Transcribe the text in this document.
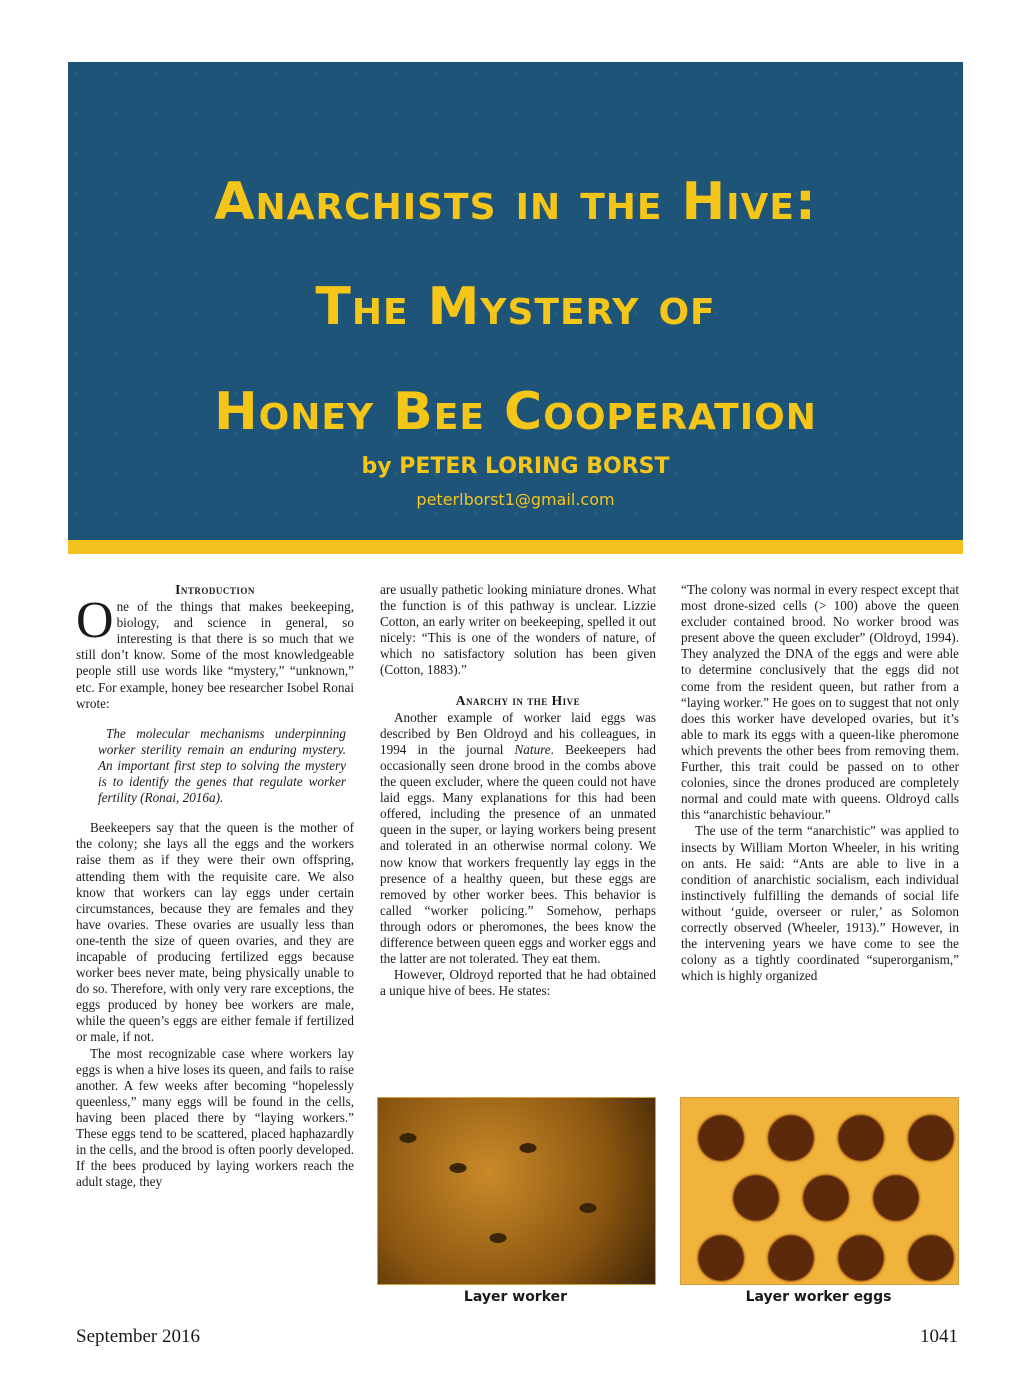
Anarchists in the Hive:
The Mystery of
Honey Bee Cooperation
by PETER LORING BORST
peterlborst1@gmail.com
Introduction

One of the things that makes beekeeping, biology, and science in general, so interesting is that there is so much that we still don’t know. Some of the most knowledgeable people still use words like “mystery,” “unknown,” etc. For example, honey bee researcher Isobel Ronai wrote:

The molecular mechanisms underpinning worker sterility remain an enduring mystery. An important first step to solving the mystery is to identify the genes that regulate worker fertility (Ronai, 2016a).

Beekeepers say that the queen is the mother of the colony; she lays all the eggs and the workers raise them as if they were their own offspring, attending them with the requisite care. We also know that workers can lay eggs under certain circumstances, because they are females and they have ovaries. These ovaries are usually less than one-tenth the size of queen ovaries, and they are incapable of producing fertilized eggs because worker bees never mate, being physically unable to do so. Therefore, with only very rare exceptions, the eggs produced by honey bee workers are male, while the queen’s eggs are either female if fertilized or male, if not.

The most recognizable case where workers lay eggs is when a hive loses its queen, and fails to raise another. A few weeks after becoming “hopelessly queenless,” many eggs will be found in the cells, having been placed there by “laying workers.” These eggs tend to be scattered, placed haphazardly in the cells, and the brood is often poorly developed. If the bees produced by laying workers reach the adult stage, they

are usually pathetic looking miniature drones. What the function is of this pathway is unclear. Lizzie Cotton, an early writer on beekeeping, spelled it out nicely: “This is one of the wonders of nature, of which no satisfactory solution has been given (Cotton, 1883).”

Anarchy in the Hive

Another example of worker laid eggs was described by Ben Oldroyd and his colleagues, in 1994 in the journal Nature. Beekeepers had occasionally seen drone brood in the combs above the queen excluder, where the queen could not have laid eggs. Many explanations for this had been offered, including the presence of an unmated queen in the super, or laying workers being present and tolerated in an otherwise normal colony. We now know that workers frequently lay eggs in the presence of a healthy queen, but these eggs are removed by other worker bees. This behavior is called “worker policing.” Somehow, perhaps through odors or pheromones, the bees know the difference between queen eggs and worker eggs and the latter are not tolerated. They eat them.

However, Oldroyd reported that he had obtained a unique hive of bees. He states:

“The colony was normal in every respect except that most drone-sized cells (> 100) above the queen excluder contained brood. No worker brood was present above the queen excluder” (Oldroyd, 1994). They analyzed the DNA of the eggs and were able to determine conclusively that the eggs did not come from the resident queen, but rather from a “laying worker.” He goes on to suggest that not only does this worker have developed ovaries, but it’s able to mark its eggs with a queen-like pheromone which prevents the other bees from removing them. Further, this trait could be passed on to other colonies, since the drones produced are completely normal and could mate with queens. Oldroyd calls this “anarchistic behaviour.”

The use of the term “anarchistic” was applied to insects by William Morton Wheeler, in his writing on ants. He said: “Ants are able to live in a condition of anarchistic socialism, each individual instinctively fulfilling the demands of social life without ‘guide, overseer or ruler,’ as Solomon correctly observed (Wheeler, 1913).” However, in the intervening years we have come to see the colony as a tightly coordinated “superorganism,” which is highly organized

Layer worker	Layer worker eggs
September 2016	1041
